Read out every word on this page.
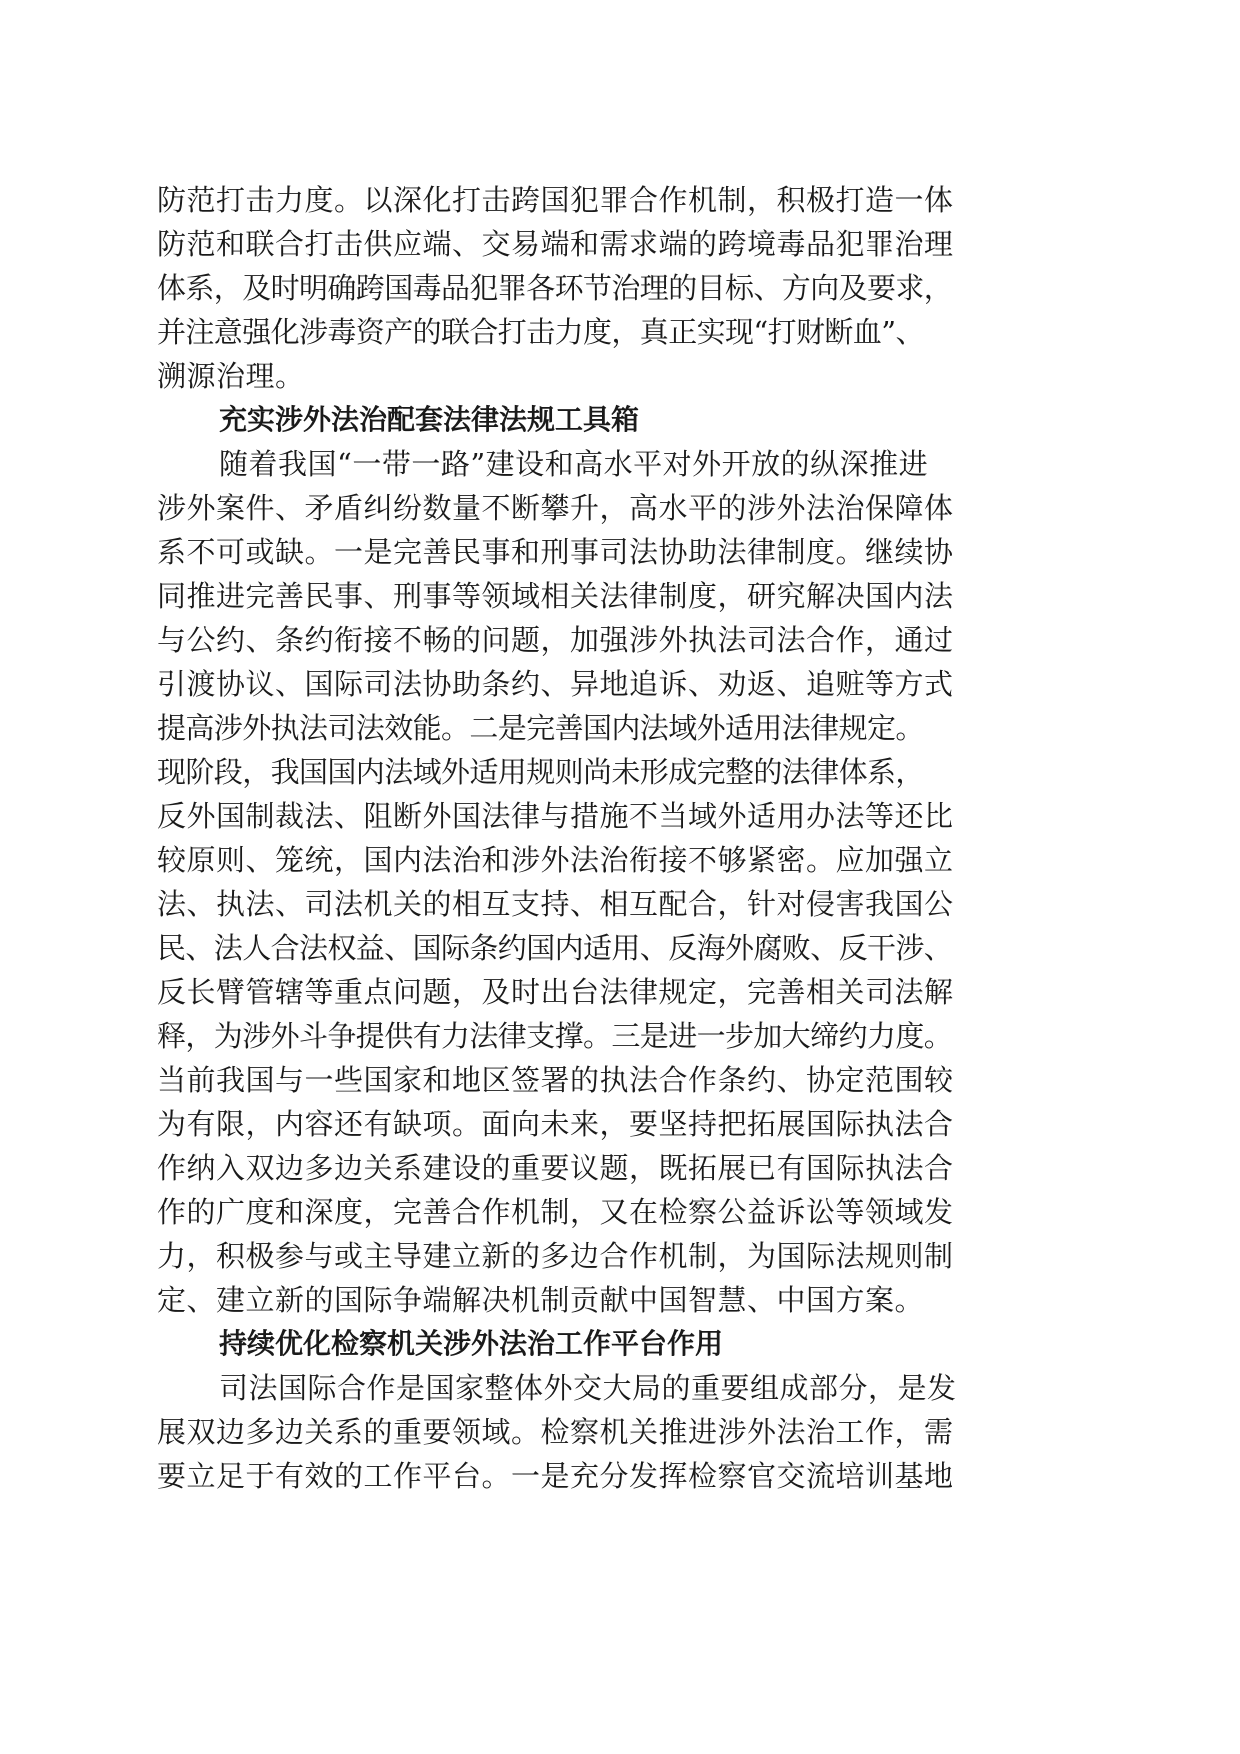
防范打击力度。以深化打击跨国犯罪合作机制，积极打造一体
防范和联合打击供应端、交易端和需求端的跨境毒品犯罪治理
体系，及时明确跨国毒品犯罪各环节治理的目标、方向及要求，
并注意强化涉毒资产的联合打击力度，真正实现“打财断血”、
溯源治理。
充实涉外法治配套法律法规工具箱
随着我国“一带一路”建设和高水平对外开放的纵深推进
涉外案件、矛盾纠纷数量不断攀升，高水平的涉外法治保障体
系不可或缺。一是完善民事和刑事司法协助法律制度。继续协
同推进完善民事、刑事等领域相关法律制度，研究解决国内法
与公约、条约衔接不畅的问题，加强涉外执法司法合作，通过
引渡协议、国际司法协助条约、异地追诉、劝返、追赃等方式
提高涉外执法司法效能。二是完善国内法域外适用法律规定。
现阶段，我国国内法域外适用规则尚未形成完整的法律体系，
反外国制裁法、阻断外国法律与措施不当域外适用办法等还比
较原则、笼统，国内法治和涉外法治衔接不够紧密。应加强立
法、执法、司法机关的相互支持、相互配合，针对侵害我国公
民、法人合法权益、国际条约国内适用、反海外腐败、反干涉、
反长臂管辖等重点问题，及时出台法律规定，完善相关司法解
释，为涉外斗争提供有力法律支撑。三是进一步加大缔约力度。
当前我国与一些国家和地区签署的执法合作条约、协定范围较
为有限，内容还有缺项。面向未来，要坚持把拓展国际执法合
作纳入双边多边关系建设的重要议题，既拓展已有国际执法合
作的广度和深度，完善合作机制，又在检察公益诉讼等领域发
力，积极参与或主导建立新的多边合作机制，为国际法规则制
定、建立新的国际争端解决机制贡献中国智慧、中国方案。
持续优化检察机关涉外法治工作平台作用
司法国际合作是国家整体外交大局的重要组成部分，是发
展双边多边关系的重要领域。检察机关推进涉外法治工作，需
要立足于有效的工作平台。一是充分发挥检察官交流培训基地
